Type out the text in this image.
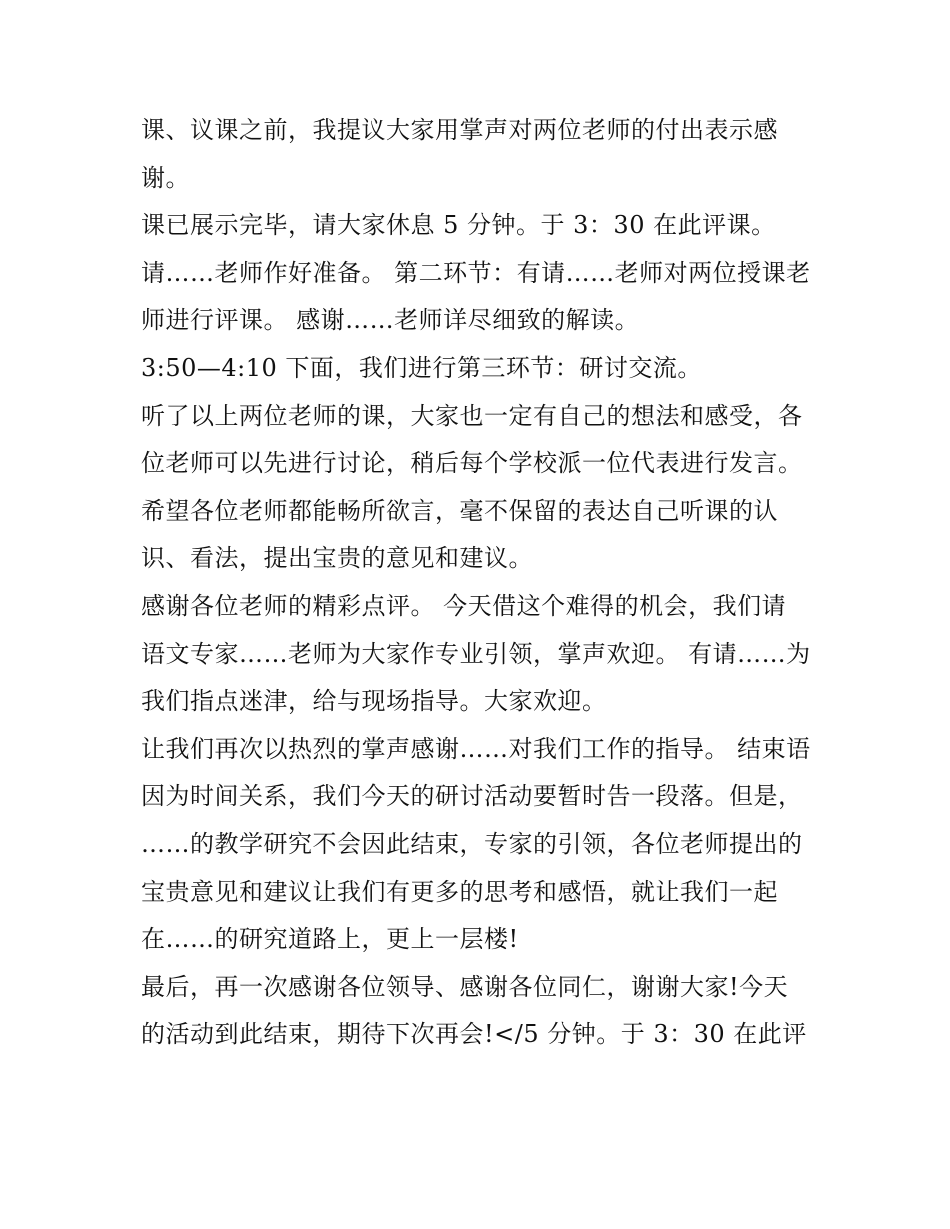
课、议课之前，我提议大家用掌声对两位老师的付出表示感
谢。
课已展示完毕，请大家休息 5 分钟。于 3：30 在此评课。
请……老师作好准备。 第二环节：有请……老师对两位授课老
师进行评课。 感谢……老师详尽细致的解读。
3:50—4:10 下面，我们进行第三环节：研讨交流。
听了以上两位老师的课，大家也一定有自己的想法和感受，各
位老师可以先进行讨论，稍后每个学校派一位代表进行发言。
希望各位老师都能畅所欲言，毫不保留的表达自己听课的认
识、看法，提出宝贵的意见和建议。
感谢各位老师的精彩点评。 今天借这个难得的机会，我们请
语文专家……老师为大家作专业引领，掌声欢迎。 有请……为
我们指点迷津，给与现场指导。大家欢迎。
让我们再次以热烈的掌声感谢……对我们工作的指导。 结束语
因为时间关系，我们今天的研讨活动要暂时告一段落。但是，
……的教学研究不会因此结束，专家的引领，各位老师提出的
宝贵意见和建议让我们有更多的思考和感悟，就让我们一起
在……的研究道路上，更上一层楼!
最后，再一次感谢各位领导、感谢各位同仁，谢谢大家!今天
的活动到此结束，期待下次再会!</5 分钟。于 3：30 在此评
